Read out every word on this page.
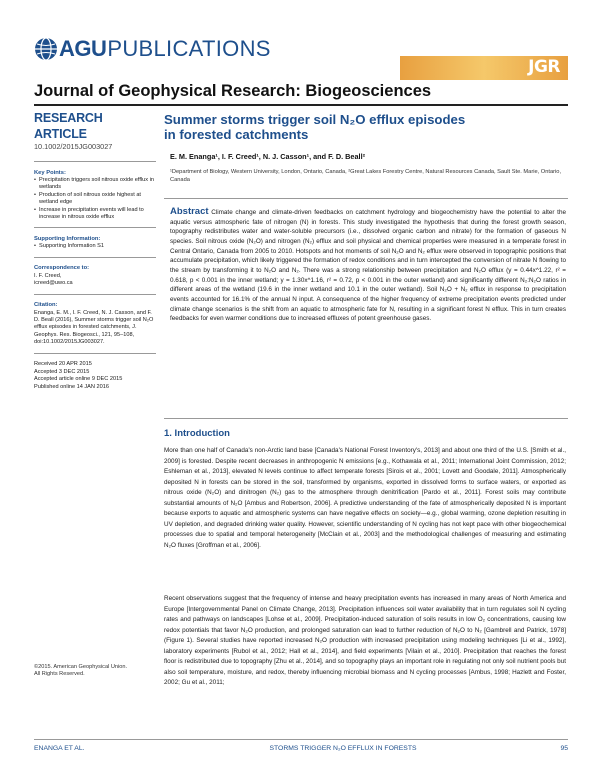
AGU PUBLICATIONS
JGR
Journal of Geophysical Research: Biogeosciences
RESEARCH ARTICLE
10.1002/2015JG003027
Key Points:
• Precipitation triggers soil nitrous oxide efflux in wetlands
• Production of soil nitrous oxide highest at wetland edge
• Increase in precipitation events will lead to increase in nitrous oxide efflux
Supporting Information:
• Supporting Information S1
Correspondence to:
I. F. Creed,
icreed@uwo.ca
Citation:
Enanga, E. M., I. F. Creed, N. J. Casson, and F. D. Beall (2016), Summer storms trigger soil N₂O efflux episodes in forested catchments, J. Geophys. Res. Biogeosci., 121, 95–108, doi:10.1002/2015JG003027.
Received 20 APR 2015
Accepted 3 DEC 2015
Accepted article online 9 DEC 2015
Published online 14 JAN 2016
©2015. American Geophysical Union.
All Rights Reserved.
Summer storms trigger soil N₂O efflux episodes
in forested catchments
E. M. Enanga¹, I. F. Creed¹, N. J. Casson¹, and F. D. Beall²
¹Department of Biology, Western University, London, Ontario, Canada, ²Great Lakes Forestry Centre, Natural Resources Canada, Sault Ste. Marie, Ontario, Canada
Abstract Climate change and climate-driven feedbacks on catchment hydrology and biogeochemistry have the potential to alter the aquatic versus atmospheric fate of nitrogen (N) in forests. This study investigated the hypothesis that during the forest growth season, topography redistributes water and water-soluble precursors (i.e., dissolved organic carbon and nitrate) for the formation of gaseous N species. Soil nitrous oxide (N₂O) and nitrogen (N₂) efflux and soil physical and chemical properties were measured in a temperate forest in Central Ontario, Canada from 2005 to 2010. Hotspots and hot moments of soil N₂O and N₂ efflux were observed in topographic positions that accumulate precipitation, which likely triggered the formation of redox conditions and in turn intercepted the conversion of nitrate N flowing to the stream by transforming it to N₂O and N₂. There was a strong relationship between precipitation and N₂O efflux (y = 0.44x^1.22, r² = 0.618, p < 0.001 in the inner wetland; y = 1.30x^1.16, r² = 0.72, p < 0.001 in the outer wetland) and significantly different N₂:N₂O ratios in different areas of the wetland (19.6 in the inner wetland and 10.1 in the outer wetland). Soil N₂O + N₂ efflux in response to precipitation events accounted for 16.1% of the annual N input. A consequence of the higher frequency of extreme precipitation events predicted under climate change scenarios is the shift from an aquatic to atmospheric fate for N, resulting in a significant forest N efflux. This in turn creates feedbacks for even warmer conditions due to increased effluxes of potent greenhouse gases.
1. Introduction

More than one half of Canada's non-Arctic land base [Canada's National Forest Inventory's, 2013] and about one third of the U.S. [Smith et al., 2009] is forested. Despite recent decreases in anthropogenic N emissions [e.g., Kothawala et al., 2011; International Joint Commission, 2012; Eshleman et al., 2013], elevated N levels continue to affect temperate forests [Sirois et al., 2001; Lovett and Goodale, 2011]. Atmospherically deposited N in forests can be stored in the soil, transformed by organisms, exported in dissolved forms to surface waters, or exported as nitrous oxide (N₂O) and dinitrogen (N₂) gas to the atmosphere through denitrification [Pardo et al., 2011]. Forest soils may contribute substantial amounts of N₂O [Ambus and Robertson, 2006]. A predictive understanding of the fate of atmospherically deposited N is important because exports to aquatic and atmospheric systems can have negative effects on society—e.g., global warming, ozone depletion resulting in UV depletion, and degraded drinking water quality. However, scientific understanding of N cycling has not kept pace with other biogeochemical processes due to spatial and temporal heterogeneity [McClain et al., 2003] and the methodological challenges of measuring and estimating N₂O fluxes [Groffman et al., 2006].

Recent observations suggest that the frequency of intense and heavy precipitation events has increased in many areas of North America and Europe [Intergovernmental Panel on Climate Change, 2013]. Precipitation influences soil water availability that in turn regulates soil N cycling rates and pathways on landscapes [Lohse et al., 2009]. Precipitation-induced saturation of soils results in low O₂ concentrations, causing low redox potentials that favor N₂O production, and prolonged saturation can lead to further reduction of N₂O to N₂ [Gambrell and Patrick, 1978] (Figure 1). Several studies have reported increased N₂O production with increased precipitation using modeling techniques [Li et al., 1992], laboratory experiments [Rubol et al., 2012; Hall et al., 2014], and field experiments [Vilain et al., 2010]. Precipitation that reaches the forest floor is redistributed due to topography [Zhu et al., 2014], and so topography plays an important role in regulating not only soil nutrient pools but also soil temperature, moisture, and redox, thereby influencing microbial biomass and N cycling processes [Ambus, 1998; Hazlett and Foster, 2002; Gu et al., 2011;

ENANGA ET AL.	STORMS TRIGGER N₂O EFFLUX IN FORESTS	95
